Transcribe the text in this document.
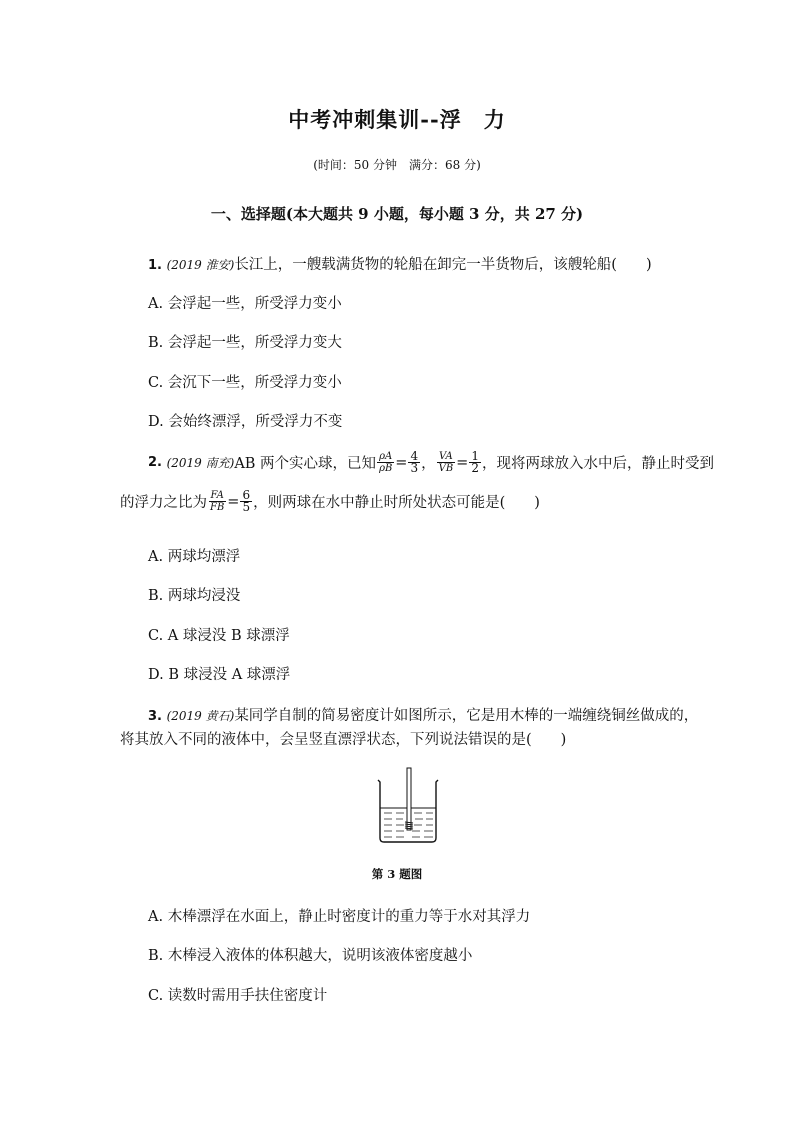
中考冲刺集训--浮　力
(时间：50 分钟　满分：68 分)
一、选择题(本大题共 9 小题，每小题 3 分，共 27 分)
1. (2019 淮安)长江上，一艘载满货物的轮船在卸完一半货物后，该艘轮船(　　)
A. 会浮起一些，所受浮力变小
B. 会浮起一些，所受浮力变大
C. 会沉下一些，所受浮力变小
D. 会始终漂浮，所受浮力不变
2.
(2019 南充) AB 两个实心球，已知 $\frac{\rho A}{\rho B} = \frac{4}{3}$ ， $\frac{VA}{VB} = \frac{1}{2}$ ，现将两球放入水中后，静止时受到
的浮力之比为 $\frac{FA}{FB} = \frac{6}{5}$ ，则两球在水中静止时所处状态可能是(　　)
A. 两球均漂浮
B. 两球均浸没
C. A 球浸没 B 球漂浮
D. B 球浸没 A 球漂浮
3. (2019 黄石)某同学自制的简易密度计如图所示，它是用木棒的一端缠绕铜丝做成的，
将其放入不同的液体中，会呈竖直漂浮状态，下列说法错误的是(　　)
第 3 题图
A. 木棒漂浮在水面上，静止时密度计的重力等于水对其浮力
B. 木棒浸入液体的体积越大，说明该液体密度越小
C. 读数时需用手扶住密度计
